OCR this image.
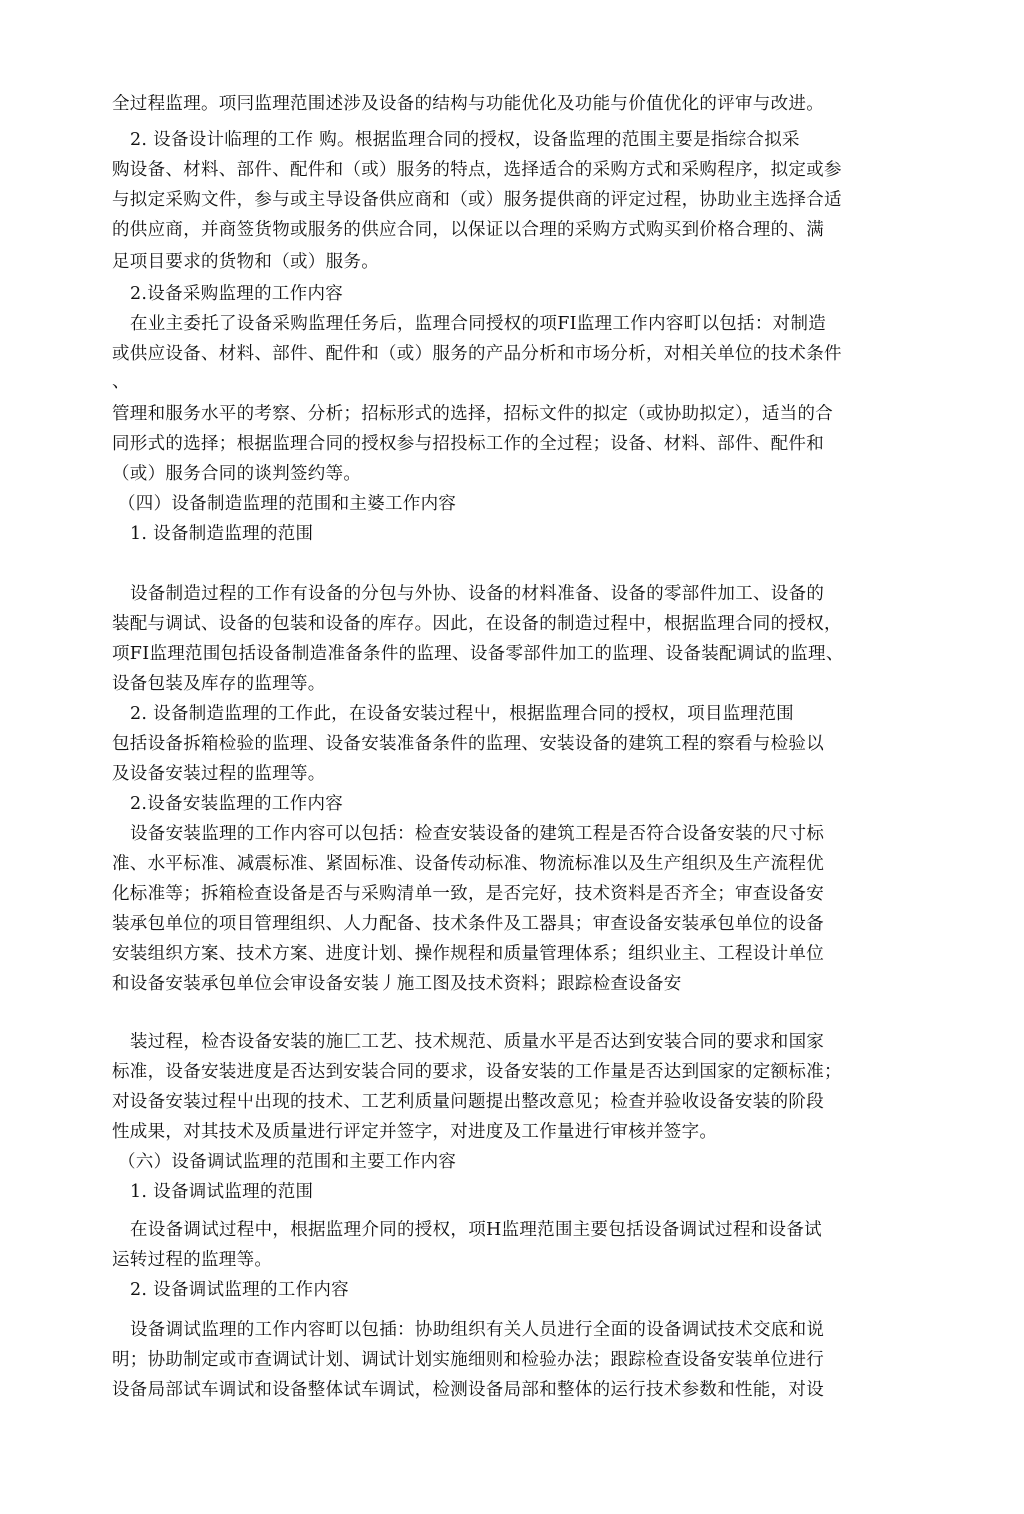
全过程监理。项冃监理范围述涉及设备的结构与功能优化及功能与价值优化的评审与改进。
2. 设备设计临理的工作 购。根据监理合同的授权，设备监理的范围主要是指综合拟采
购设备、材料、部件、配件和（或）服务的特点，选择适合的采购方式和采购程序，拟定或参
与拟定采购文件，参与或主导设备供应商和（或）服务提供商的评定过程，协助业主选择合适
的供应商，并商签货物或服务的供应合同，以保证以合理的采购方式购买到价格合理的、满
足项目要求的货物和（或）服务。
2.设备采购监理的工作内容
在业主委托了设备采购监理任务后，监理合同授权的项FI监理工作内容町以包括：对制造
或供应设备、材料、部件、配件和（或）服务的产品分析和市场分析，对相关单位的技术条件
、
管理和服务水平的考察、分析；招标形式的选择，招标文件的拟定（或协助拟定），适当的合
同形式的选择；根据监理合同的授权参与招投标工作的全过程；设备、材料、部件、配件和
（或）服务合同的谈判签约等。
（四）设备制造监理的范围和主婆工作内容
1. 设备制造监理的范围
设备制造过程的工作有设备的分包与外协、设备的材料准备、设备的零部件加工、设备的
装配与调试、设备的包装和设备的库存。因此，在设备的制造过程中，根据监理合同的授权，
项FI监理范围包括设备制造准备条件的监理、设备零部件加工的监理、设备装配调试的监理、
设备包装及库存的监理等。
2. 设备制造监理的工作此，在设备安装过程屮，根据监理合同的授权，项目监理范围
包括设备拆箱检验的监理、设备安装准备条件的监理、安装设备的建筑工程的察看与检验以
及设备安装过程的监理等。
2.设备安装监理的工作内容
设备安装监理的工作内容可以包括：检查安装设备的建筑工程是否符合设备安装的尺寸标
准、水平标准、减震标准、紧固标准、设备传动标准、物流标准以及生产组织及生产流程优
化标准等；拆箱检查设备是否与采购清单一致，是否完好，技术资料是否齐全；审查设备安
装承包单位的项目管理组织、人力配备、技术条件及工器具；审查设备安装承包单位的设备
安装组织方案、技术方案、进度计划、操作规程和质量管理体系；组织业主、工程设计单位
和设备安装承包单位会审设备安装丿施工图及技术资料；跟踪检查设备安
装过程，检杏设备安装的施匚工艺、技术规范、质量水平是否达到安装合同的要求和国家
标准，设备安装进度是否达到安装合同的要求，设备安装的工作量是否达到国家的定额标准；
对设备安装过程屮出现的技术、工艺利质量问题提出整改意见；检查并验收设备安装的阶段
性成果，对其技术及质量进行评定并签字，对进度及工作量进行审核并签字。
（六）设备调试监理的范围和主要工作内容
1. 设备调试监理的范围
在设备调试过程中，根据监理介同的授权，项H监理范围主要包括设备调试过程和设备试
运转过程的监理等。
2. 设备调试监理的工作内容
设备调试监理的工作内容町以包插：协助组织有关人员进行全面的设备调试技术交底和说
明；协助制定或市查调试计划、调试计划实施细则和检验办法；跟踪检查设备安装单位进行
设备局部试车调试和设备整体试车调试，检测设备局部和整体的运行技术参数和性能，对设
